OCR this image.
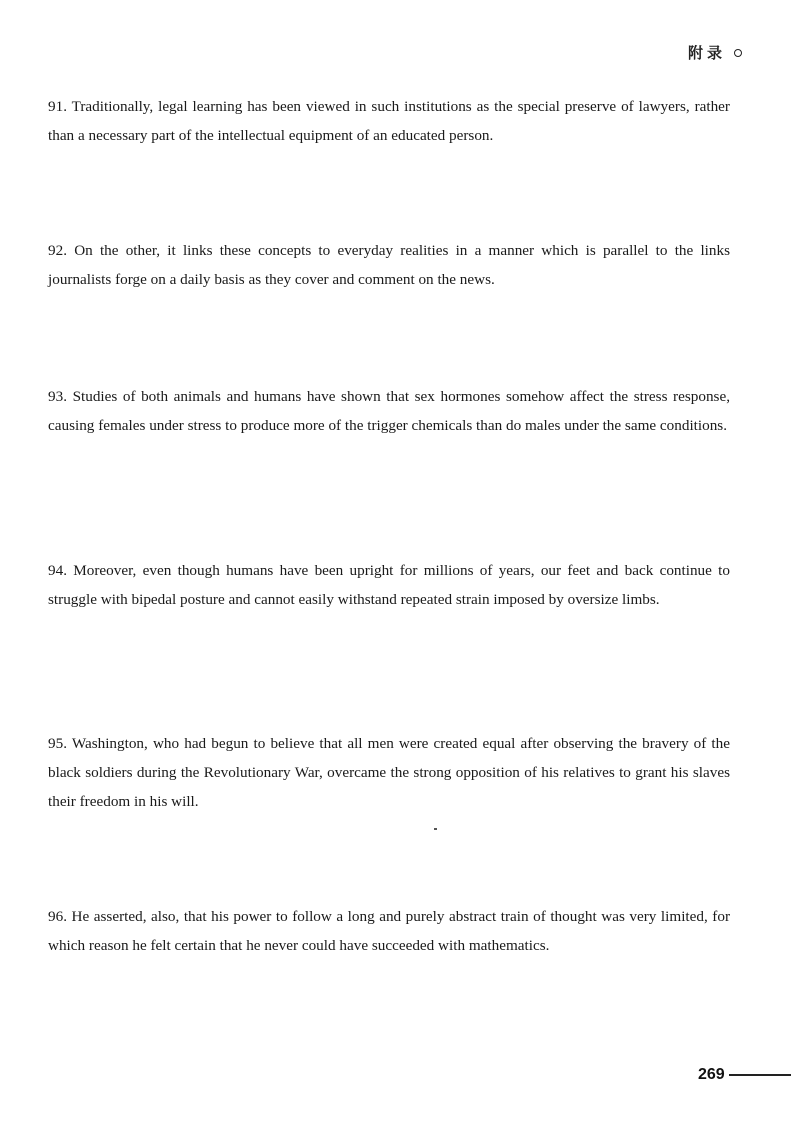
附录

91. Traditionally, legal learning has been viewed in such institutions as the special preserve of lawyers, rather than a necessary part of the intellectual equipment of an educated person.

92. On the other, it links these concepts to everyday realities in a manner which is parallel to the links journalists forge on a daily basis as they cover and comment on the news.

93. Studies of both animals and humans have shown that sex hormones somehow affect the stress response, causing females under stress to produce more of the trigger chemicals than do males under the same conditions.

94. Moreover, even though humans have been upright for millions of years, our feet and back continue to struggle with bipedal posture and cannot easily withstand repeated strain imposed by oversize limbs.

95. Washington, who had begun to believe that all men were created equal after observing the bravery of the black soldiers during the Revolutionary War, overcame the strong opposition of his relatives to grant his slaves their freedom in his will.

96. He asserted, also, that his power to follow a long and purely abstract train of thought was very limited, for which reason he felt certain that he never could have succeeded with mathematics.

269
